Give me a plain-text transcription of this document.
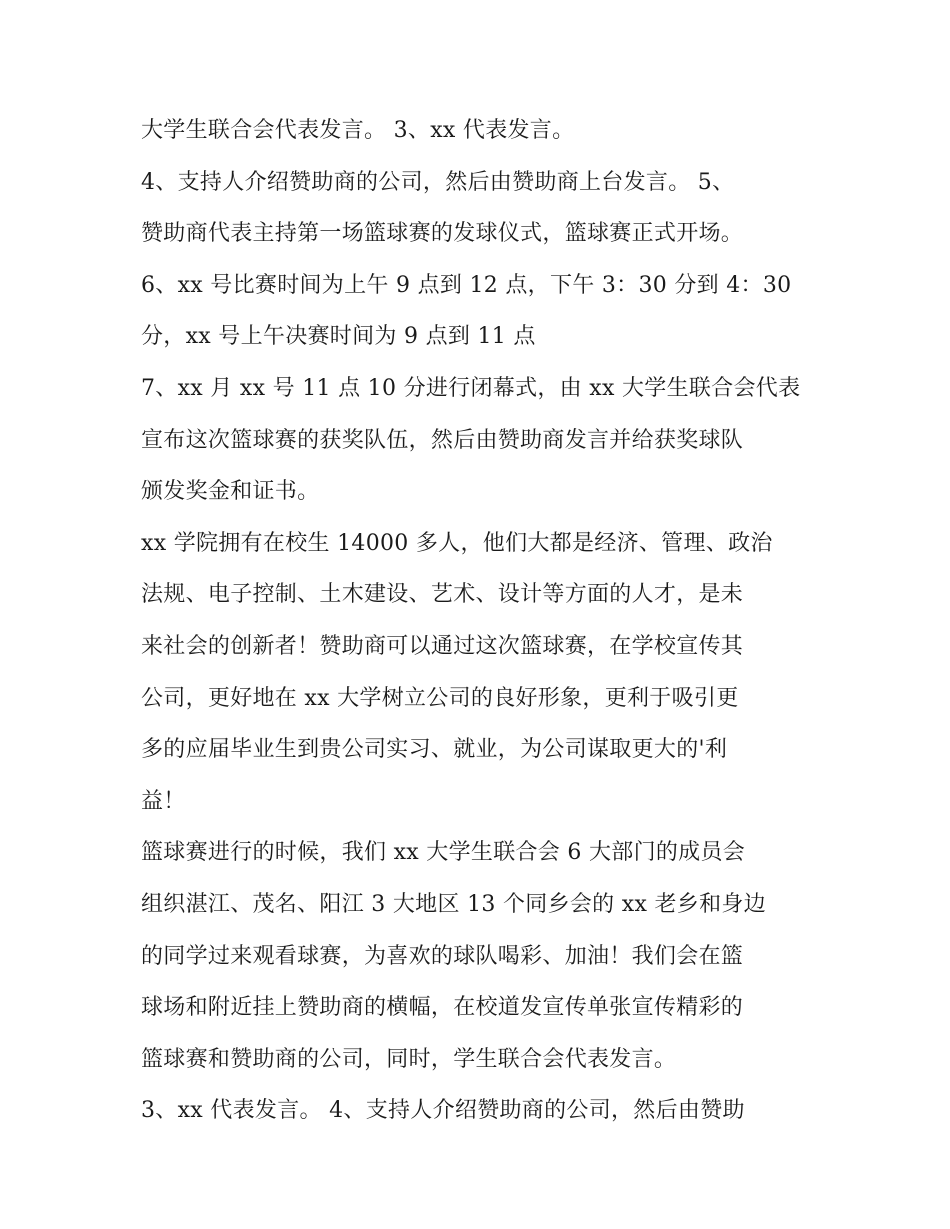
大学生联合会代表发言。 3、xx 代表发言。
4、支持人介绍赞助商的公司，然后由赞助商上台发言。 5、
赞助商代表主持第一场篮球赛的发球仪式，篮球赛正式开场。
6、xx 号比赛时间为上午 9 点到 12 点，下午 3：30 分到 4：30
分，xx 号上午决赛时间为 9 点到 11 点
7、xx 月 xx 号 11 点 10 分进行闭幕式，由 xx 大学生联合会代表
宣布这次篮球赛的获奖队伍，然后由赞助商发言并给获奖球队
颁发奖金和证书。
xx 学院拥有在校生 14000 多人，他们大都是经济、管理、政治
法规、电子控制、土木建设、艺术、设计等方面的人才，是未
来社会的创新者！赞助商可以通过这次篮球赛，在学校宣传其
公司，更好地在 xx 大学树立公司的良好形象，更利于吸引更
多的应届毕业生到贵公司实习、就业，为公司谋取更大的'利
益！
篮球赛进行的时候，我们 xx 大学生联合会 6 大部门的成员会
组织湛江、茂名、阳江 3 大地区 13 个同乡会的 xx 老乡和身边
的同学过来观看球赛，为喜欢的球队喝彩、加油！我们会在篮
球场和附近挂上赞助商的横幅，在校道发宣传单张宣传精彩的
篮球赛和赞助商的公司，同时，学生联合会代表发言。
3、xx 代表发言。 4、支持人介绍赞助商的公司，然后由赞助
